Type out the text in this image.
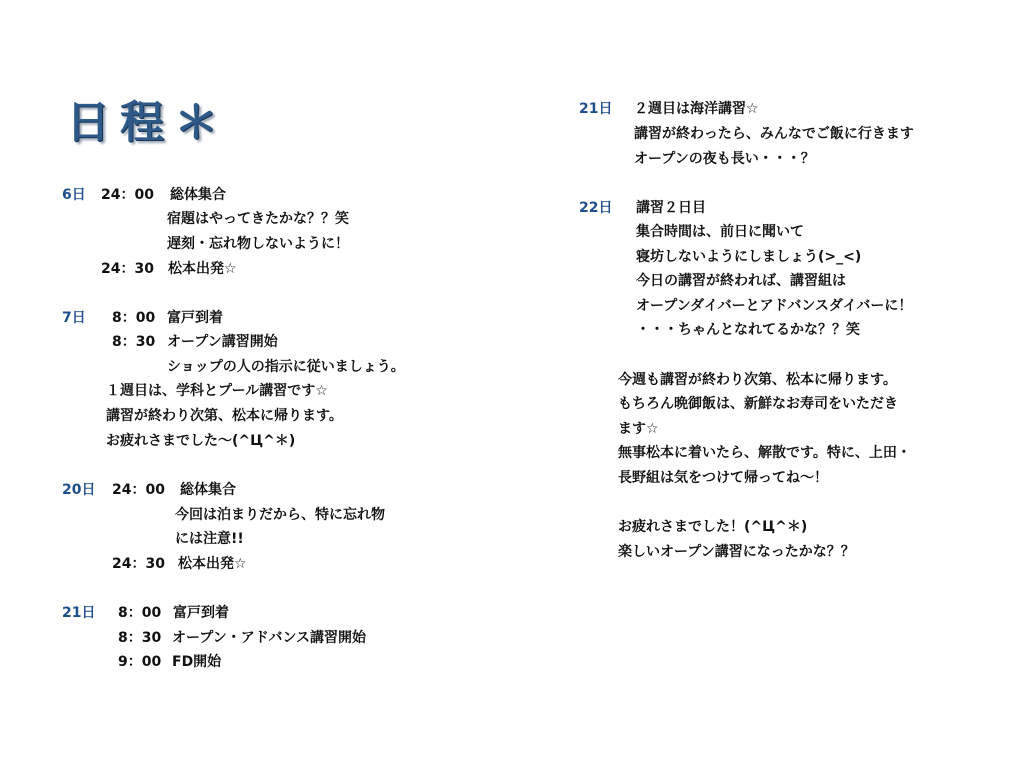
日程＊
6日 24：00 総体集合
宿題はやってきたかな？？笑
遅刻・忘れ物しないように！
24：30 松本出発☆
7日 8：00 富戸到着
8：30 オープン講習開始
ショップの人の指示に従いましょう。
１週目は、学科とプール講習です☆
講習が終わり次第、松本に帰ります。
お疲れさまでした～(^Ц^＊)
20日 24：00 総体集合
今回は泊まりだから、特に忘れ物
には注意!!
24：30 松本出発☆
21日 8：00 富戸到着
8：30 オープン・アドバンス講習開始
9：00 FD開始
21日 ２週目は海洋講習☆
講習が終わったら、みんなでご飯に行きます
オープンの夜も長い・・・？
22日 講習２日目
集合時間は、前日に聞いて
寝坊しないようにしましょう(>_<)
今日の講習が終われば、講習組は
オープンダイバーとアドバンスダイバーに！
・・・ちゃんとなれてるかな？？笑
今週も講習が終わり次第、松本に帰ります。
もちろん晩御飯は、新鮮なお寿司をいただき
ます☆
無事松本に着いたら、解散です。特に、上田・
長野組は気をつけて帰ってね～！
お疲れさまでした！(^Ц^＊)
楽しいオープン講習になったかな？？
